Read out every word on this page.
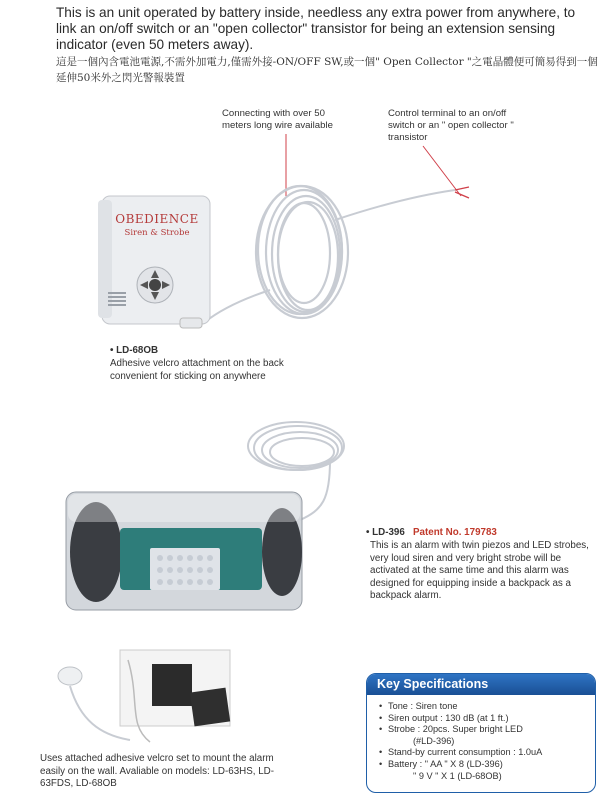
This is an unit operated by battery inside, needless any extra power from anywhere, to link an on/off switch or an "open collector" transistor for being an extension sensing indicator (even 50 meters away).
這是一個內含電池電源,不需外加電力,僅需外接-ON/OFF SW,或一個" Open Collector "之電晶體便可簡易得到一個延伸50米外之閃光警報裝置
Connecting with over 50 meters long wire available
Control terminal to an on/off switch or an " open collector " transistor
OBEDIENCE
Siren & Strobe
• LD-68OB
Adhesive velcro attachment on the back convenient for sticking on anywhere
• LD-396 Patent No. 179783
This is an alarm with twin piezos and LED strobes, very loud siren and very bright strobe will be activated at the same time and this alarm was designed for equipping inside a backpack as a backpack alarm.
Uses attached adhesive velcro set to mount the alarm easily on the wall. Avaliable on models: LD-63HS, LD-63FDS, LD-68OB
Key Specifications
• Tone : Siren tone
• Siren output : 130 dB (at 1 ft.)
• Strobe : 20pcs. Super bright LED
(#LD-396)
• Stand-by current consumption : 1.0uA
• Battery : " AA " X 8 (LD-396)
" 9 V " X 1 (LD-68OB)
